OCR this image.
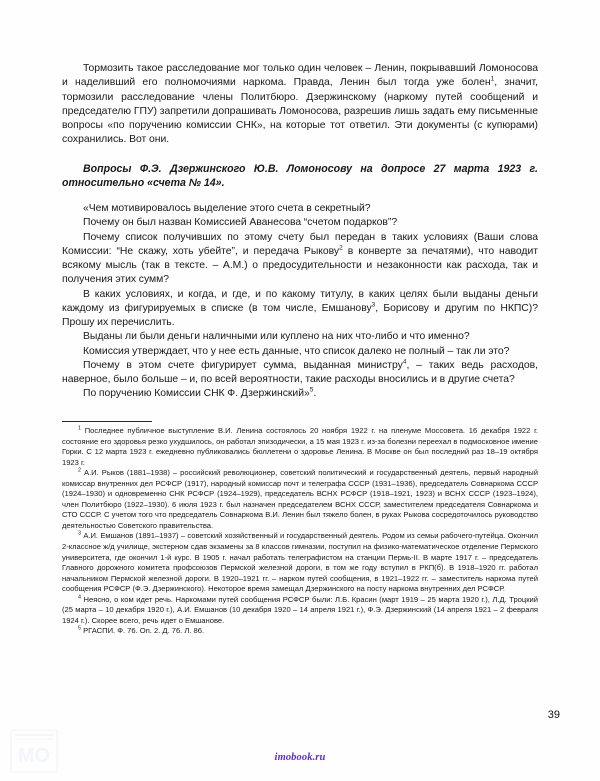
MO

Тормозить такое расследование мог только один человек – Ленин, покрывавший Ломоносова и наделивший его полномочиями наркома. Правда, Ленин был тогда уже болен$^1$, значит, тормозили расследование члены Политбюро. Дзержинскому (наркому путей сообщений и председателю ГПУ) запретили допрашивать Ломоносова, разрешив лишь задать ему письменные вопросы «по поручению комиссии СНК», на которые тот ответил. Эти документы (с купюрами) сохранились. Вот они.

Вопросы Ф.Э. Дзержинского Ю.В. Ломоносову на допросе 27 марта 1923 г. относительно «счета № 14».

«Чем мотивировалось выделение этого счета в секретный?

Почему он был назван Комиссией Аванесова “счетом подарков”?

Почему список получивших по этому счету был передан в таких условиях (Ваши слова Комиссии: “Не скажу, хоть убейте”, и передача Рыкову$^2$ в конверте за печатями), что наводит всякому мысль (так в тексте. – А.М.) о предосудительности и незаконности как расхода, так и получения этих сумм?

В каких условиях, и когда, и где, и по какому титулу, в каких целях были выданы деньги каждому из фигурируемых в списке (в том числе, Емшанову$^3$, Борисову и другим по НКПС)? Прошу их перечислить.

Выданы ли были деньги наличными или куплено на них что-либо и что именно?

Комиссия утверждает, что у нее есть данные, что список далеко не полный – так ли это?

Почему в этом счете фигурирует сумма, выданная министру$^4$, – таких ведь расходов, наверное, было больше – и, по всей вероятности, такие расходы вносились и в другие счета?

По поручению Комиссии СНК Ф. Дзержинский»$^5$.

$^1$ Последнее публичное выступление В.И. Ленина состоялось 20 ноября 1922 г. на пленуме Моссовета. 16 декабря 1922 г. состояние его здоровья резко ухудшилось, он работал эпизодически, а 15 мая 1923 г. из-за болезни переехал в подмосковное имение Горки. С 12 марта 1923 г. ежедневно публиковались бюллетени о здоровье Ленина. В Москве он был последний раз 18–19 октября 1923 г.

$^2$ А.И. Рыков (1881–1938) – российский революционер, советский политический и государственный деятель, первый народный комиссар внутренних дел РСФСР (1917), народный комиссар почт и телеграфа СССР (1931–1936), председатель Совнаркома СССР (1924–1930) и одновременно СНК РСФСР (1924–1929), председатель ВСНХ РСФСР (1918–1921, 1923) и ВСНХ СССР (1923–1924), член Политбюро (1922–1930). 6 июля 1923 г. был назначен председателем ВСНХ СССР, заместителем председателя Совнаркома и СТО СССР. С учетом того что председатель Совнаркома В.И. Ленин был тяжело болен, в руках Рыкова сосредоточилось руководство деятельностью Советского правительства.

$^3$ А.И. Емшанов (1891–1937) – советский хозяйственный и государственный деятель. Родом из семьи рабочего-путейца. Окончил 2-классное ж/д училище, экстерном сдав экзамены за 8 классов гимназии, поступил на физико-математическое отделение Пермского университета, где окончил 1-й курс. В 1905 г. начал работать телеграфистом на станции Пермь-II. В марте 1917 г. – председатель Главного дорожного комитета профсоюзов Пермской железной дороги, в том же году вступил в РКП(б). В 1918–1920 гг. работал начальником Пермской железной дороги. В 1920–1921 гг. – нарком путей сообщения, в 1921–1922 гг. – заместитель наркома путей сообщения РСФСР (Ф.Э. Дзержинского). Некоторое время замещал Дзержинского на посту наркома внутренних дел РСФСР.

$^4$ Неясно, о ком идет речь. Наркомами путей сообщения РСФСР были: Л.Б. Красин (март 1919 – 25 марта 1920 г.), Л.Д. Троцкий (25 марта – 10 декабря 1920 г.), А.И. Емшанов (10 декабря 1920 – 14 апреля 1921 г.), Ф.Э. Дзержинский (14 апреля 1921 – 2 февраля 1924 г.). Скорее всего, речь идет о Емшанове.

$^5$ РГАСПИ. Ф. 76. Оп. 2. Д. 76. Л. 86.

39
imobook.ru
